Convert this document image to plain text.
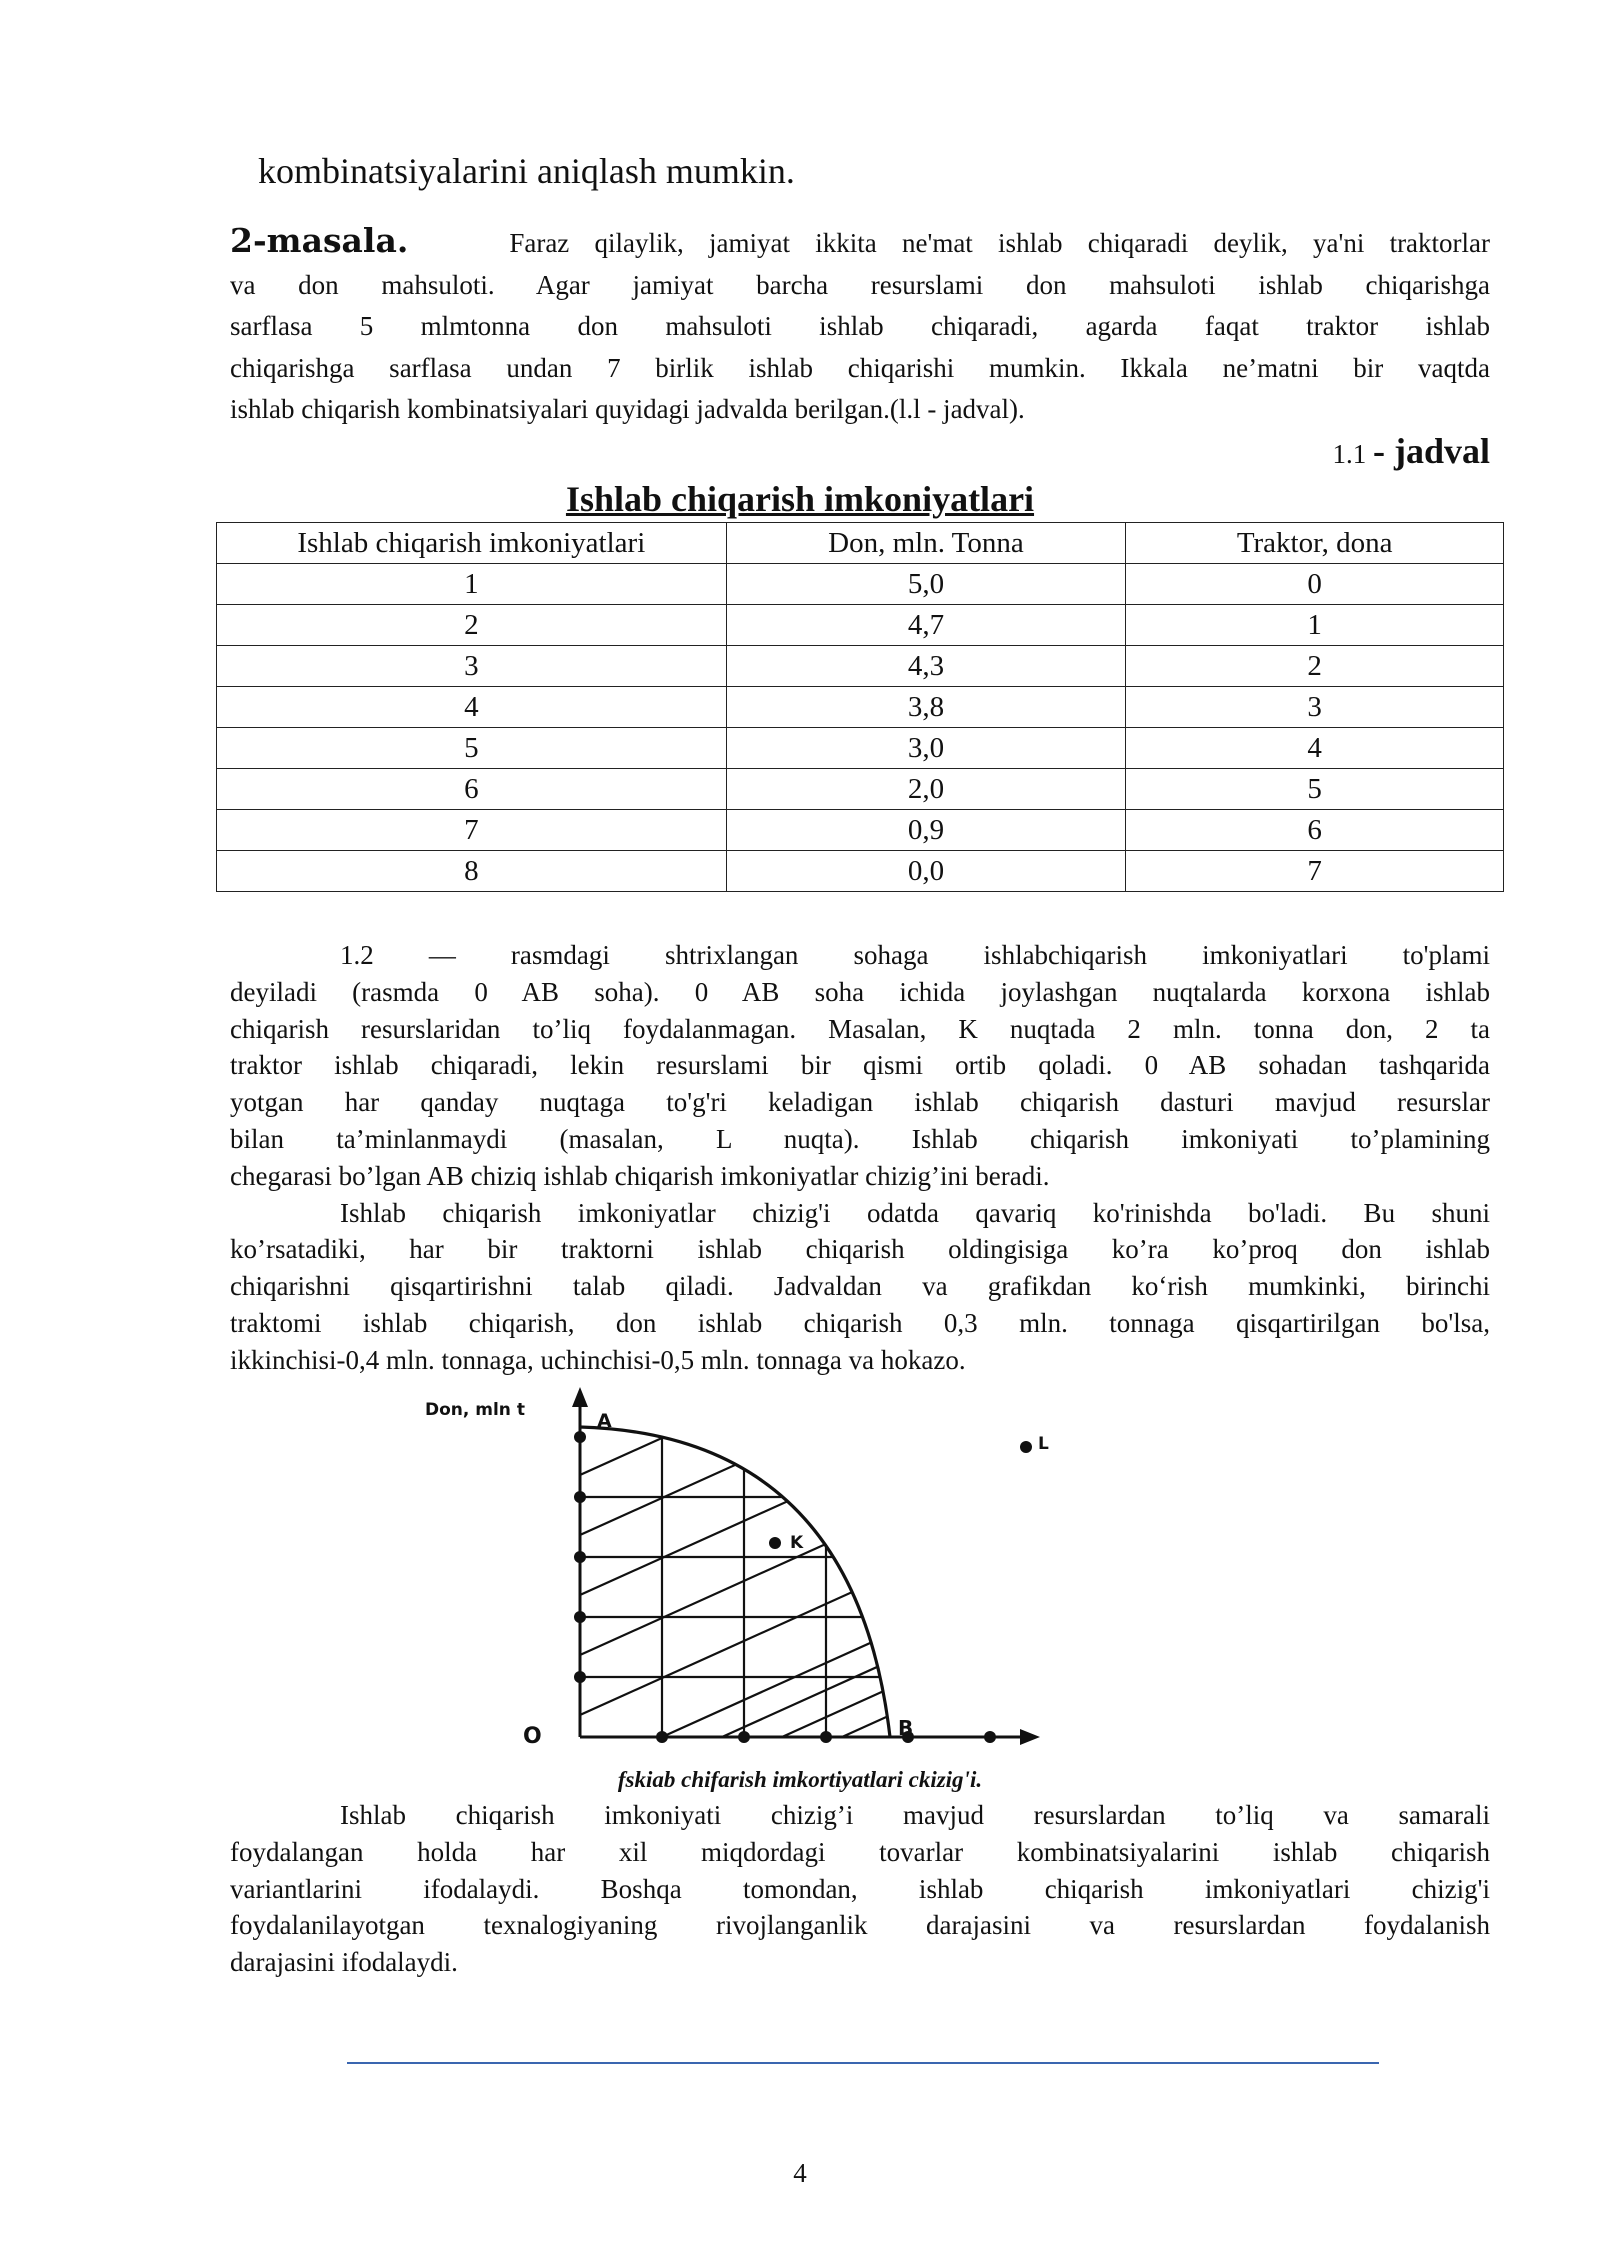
kombinatsiyalarini aniqlash mumkin.

2-masala.	Faraz qilaylik, jamiyat ikkita ne'mat ishlab chiqaradi deylik, ya'ni traktorlar

va don mahsuloti. Agar jamiyat barcha resurslami don mahsuloti ishlab chiqarishga

sarflasa 5 mlmtonna don mahsuloti ishlab chiqaradi, agarda faqat traktor ishlab

chiqarishga sarflasa undan 7 birlik ishlab chiqarishi mumkin. Ikkala ne’matni bir vaqtda

ishlab chiqarish kombinatsiyalari quyidagi jadvalda berilgan.(l.l - jadval).

1.1 - jadval
Ishlab chiqarish imkoniyatlari
Ishlab chiqarish imkoniyatlari	Don, mln. Tonna	Traktor, dona
1	5,0	0
2	4,7	1
3	4,3	2
4	3,8	3
5	3,0	4
6	2,0	5
7	0,9	6
8	0,0	7

1.2 — rasmdagi shtrixlangan sohaga ishlabchiqarish imkoniyatlari to'plami

deyiladi (rasmda 0 AB soha). 0 AB soha ichida joylashgan nuqtalarda korxona ishlab

chiqarish resurslaridan to’liq foydalanmagan. Masalan, K nuqtada 2 mln. tonna don, 2 ta

traktor ishlab chiqaradi, lekin resurslami bir qismi ortib qoladi. 0 AB sohadan tashqarida

yotgan har qanday nuqtaga to'g'ri keladigan ishlab chiqarish dasturi mavjud resurslar

bilan ta’minlanmaydi (masalan, L nuqta). Ishlab chiqarish imkoniyati to’plamining

chegarasi bo’lgan AB chiziq ishlab chiqarish imkoniyatlar chizig’ini beradi.

Ishlab chiqarish imkoniyatlar chizig'i odatda qavariq ko'rinishda bo'ladi. Bu shuni

ko’rsatadiki, har bir traktorni ishlab chiqarish oldingisiga ko’ra ko’proq don ishlab

chiqarishni qisqartirishni talab qiladi. Jadvaldan va grafikdan ko‘rish mumkinki, birinchi

traktomi ishlab chiqarish, don ishlab chiqarish 0,3 mln. tonnaga qisqartirilgan bo'lsa,

ikkinchisi-0,4 mln. tonnaga, uchinchisi-0,5 mln. tonnaga va hokazo.

Don, mln t	A
O	B
K
L
fskiab chifarish imkortiyatlari ckizig'i.

Ishlab chiqarish imkoniyati chizig’i mavjud resurslardan to’liq va samarali

foydalangan holda har xil miqdordagi tovarlar kombinatsiyalarini ishlab chiqarish

variantlarini ifodalaydi. Boshqa tomondan, ishlab chiqarish imkoniyatlari chizig'i

foydalanilayotgan texnalogiyaning rivojlanganlik darajasini va resurslardan foydalanish

darajasini ifodalaydi.

4
